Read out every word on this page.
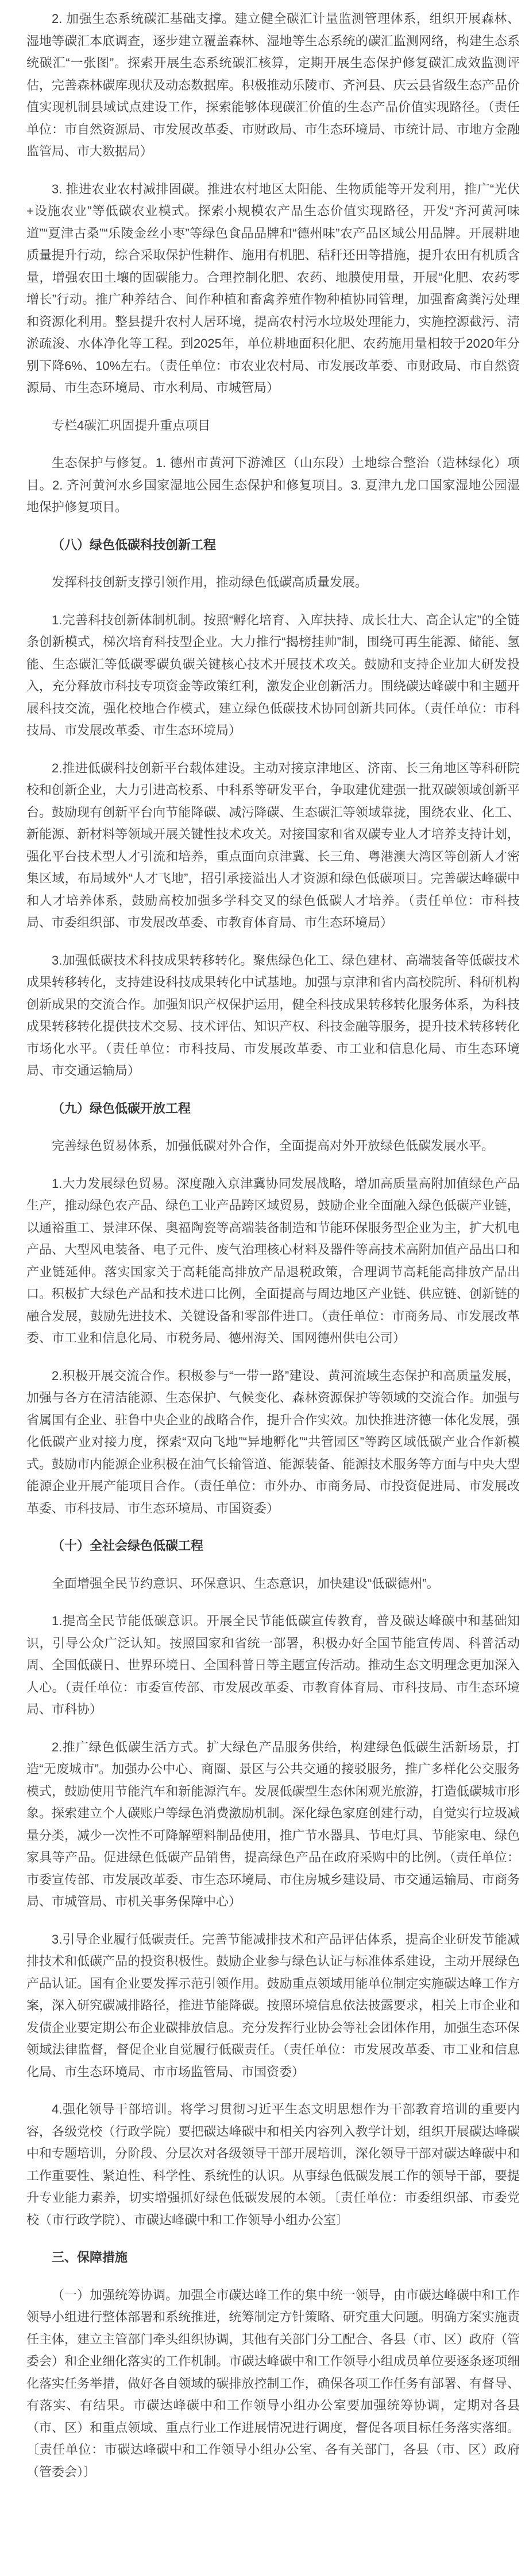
2. 加强生态系统碳汇基础支撑。建立健全碳汇计量监测管理体系，组织开展森林、湿地等碳汇本底调查，逐步建立覆盖森林、湿地等生态系统的碳汇监测网络，构建生态系统碳汇“一张图”。探索开展生态系统碳汇核算，定期开展生态保护修复碳汇成效监测评估，完善森林碳库现状及动态数据库。积极推动乐陵市、齐河县、庆云县省级生态产品价值实现机制县域试点建设工作，探索能够体现碳汇价值的生态产品价值实现路径。（责任单位：市自然资源局、市发展改革委、市财政局、市生态环境局、市统计局、市地方金融监管局、市大数据局）

3. 推进农业农村减排固碳。推进农村地区太阳能、生物质能等开发利用，推广“光伏+设施农业”等低碳农业模式。探索小规模农产品生态价值实现路径，开发“齐河黄河味道”“夏津古桑”“乐陵金丝小枣”等绿色食品品牌和“德州味”农产品区域公用品牌。开展耕地质量提升行动，综合采取保护性耕作、施用有机肥、秸秆还田等措施，提升农田有机质含量，增强农田土壤的固碳能力。合理控制化肥、农药、地膜使用量，开展“化肥、农药零增长”行动。推广种养结合、间作种植和畜禽养殖作物种植协同管理，加强畜禽粪污处理和资源化利用。整县提升农村人居环境，提高农村污水垃圾处理能力，实施控源截污、清淤疏浚、水体净化等工程。到2025年，单位耕地面积化肥、农药施用量相较于2020年分别下降6%、10%左右。（责任单位：市农业农村局、市发展改革委、市财政局、市自然资源局、市生态环境局、市水利局、市城管局）

专栏4碳汇巩固提升重点项目

生态保护与修复。1. 德州市黄河下游滩区（山东段）土地综合整治（造林绿化）项目。2. 齐河黄河水乡国家湿地公园生态保护和修复项目。3. 夏津九龙口国家湿地公园湿地保护修复项目。

（八）绿色低碳科技创新工程

发挥科技创新支撑引领作用，推动绿色低碳高质量发展。

1.完善科技创新体制机制。按照“孵化培育、入库扶持、成长壮大、高企认定”的全链条创新模式，梯次培育科技型企业。大力推行“揭榜挂帅”制，围绕可再生能源、储能、氢能、生态碳汇等低碳零碳负碳关键核心技术开展技术攻关。鼓励和支持企业加大研发投入，充分释放市科技专项资金等政策红利，激发企业创新活力。围绕碳达峰碳中和主题开展科技交流，强化校地合作模式，建立绿色低碳技术协同创新共同体。（责任单位：市科技局、市发展改革委、市生态环境局）

2.推进低碳科技创新平台载体建设。主动对接京津地区、济南、长三角地区等科研院校和创新企业，大力引进高校系、中科系等研发平台，争取建优建强一批双碳领域创新平台。鼓励现有创新平台向节能降碳、减污降碳、生态碳汇等领域靠拢，围绕农业、化工、新能源、新材料等领域开展关键性技术攻关。对接国家和省双碳专业人才培养支持计划，强化平台技术型人才引流和培养，重点面向京津冀、长三角、粤港澳大湾区等创新人才密集区域，布局域外“人才飞地”，招引承接溢出人才资源和绿色低碳项目。完善碳达峰碳中和人才培养体系，鼓励高校加强多学科交叉的绿色低碳人才培养。（责任单位：市科技局、市委组织部、市发展改革委、市教育体育局、市生态环境局）

3.加强低碳技术科技成果转移转化。聚焦绿色化工、绿色建材、高端装备等低碳技术成果转移转化，支持建设科技成果转化中试基地。加强与京津和省内高校院所、科研机构创新成果的交流合作。加强知识产权保护运用，健全科技成果转移转化服务体系，为科技成果转移转化提供技术交易、技术评估、知识产权、科技金融等服务，提升技术转移转化市场化水平。（责任单位：市科技局、市发展改革委、市工业和信息化局、市生态环境局、市交通运输局）

（九）绿色低碳开放工程

完善绿色贸易体系，加强低碳对外合作，全面提高对外开放绿色低碳发展水平。

1.大力发展绿色贸易。深度融入京津冀协同发展战略，增加高质量高附加值绿色产品生产，推动绿色农产品、绿色工业产品跨区域贸易，鼓励企业全面融入绿色低碳产业链，以通裕重工、景津环保、奥福陶瓷等高端装备制造和节能环保服务型企业为主，扩大机电产品、大型风电装备、电子元件、废气治理核心材料及器件等高技术高附加值产品出口和产业链延伸。落实国家关于高耗能高排放产品退税政策，合理调节高耗能高排放产品出口。积极扩大绿色产品和技术进口比例，全面提高与周边地区产业链、供应链、创新链的融合发展，鼓励先进技术、关键设备和零部件进口。（责任单位：市商务局、市发展改革委、市工业和信息化局、市税务局、德州海关、国网德州供电公司）

2.积极开展交流合作。积极参与“一带一路”建设、黄河流域生态保护和高质量发展，加强与各方在清洁能源、生态保护、气候变化、森林资源保护等领域的交流合作。加强与省属国有企业、驻鲁中央企业的战略合作，提升合作实效。加快推进济德一体化发展，强化低碳产业对接力度，探索“双向飞地”“异地孵化”“共管园区”等跨区域低碳产业合作新模式。鼓励市内能源企业积极在油气长输管道、能源装备、能源技术服务等方面与中央大型能源企业开展产能项目合作。（责任单位：市外办、市商务局、市投资促进局、市发展改革委、市科技局、市生态环境局、市国资委）

（十）全社会绿色低碳工程

全面增强全民节约意识、环保意识、生态意识，加快建设“低碳德州”。

1.提高全民节能低碳意识。开展全民节能低碳宣传教育，普及碳达峰碳中和基础知识，引导公众广泛认知。按照国家和省统一部署，积极办好全国节能宣传周、科普活动周、全国低碳日、世界环境日、全国科普日等主题宣传活动。推动生态文明理念更加深入人心。（责任单位：市委宣传部、市发展改革委、市教育体育局、市科技局、市生态环境局、市科协）

2.推广绿色低碳生活方式。扩大绿色产品服务供给，构建绿色低碳生活新场景，打造“无废城市”。加强办公中心、商圈、景区与公共交通的接驳服务，推广多样化公交服务模式，鼓励使用节能汽车和新能源汽车。发展低碳型生态休闲观光旅游，打造低碳城市形象。探索建立个人碳账户等绿色消费激励机制。深化绿色家庭创建行动，自觉实行垃圾减量分类，减少一次性不可降解塑料制品使用，推广节水器具、节电灯具、节能家电、绿色家具等产品。促进绿色低碳产品销售，提高绿色产品在政府采购中的比例。（责任单位：市委宣传部、市发展改革委、市生态环境局、市住房城乡建设局、市交通运输局、市商务局、市城管局、市机关事务保障中心）

3.引导企业履行低碳责任。完善节能减排技术和产品评估体系，提高企业研发节能减排技术和低碳产品的投资积极性。鼓励企业参与绿色认证与标准体系建设，主动开展绿色产品认证。国有企业要发挥示范引领作用。鼓励重点领域用能单位制定实施碳达峰工作方案，深入研究碳减排路径，推进节能降碳。按照环境信息依法披露要求，相关上市企业和发债企业要定期公布企业碳排放信息。充分发挥行业协会等社会团体作用，加强生态环保领域法律监督，督促企业自觉履行低碳责任。（责任单位：市发展改革委、市工业和信息化局、市生态环境局、市市场监管局、市国资委）

4.强化领导干部培训。将学习贯彻习近平生态文明思想作为干部教育培训的重要内容，各级党校（行政学院）要把碳达峰碳中和相关内容列入教学计划，组织开展碳达峰碳中和专题培训，分阶段、分层次对各级领导干部开展培训，深化领导干部对碳达峰碳中和工作重要性、紧迫性、科学性、系统性的认识。从事绿色低碳发展工作的领导干部，要提升专业能力素养，切实增强抓好绿色低碳发展的本领。〔责任单位：市委组织部、市委党校（市行政学院）、市碳达峰碳中和工作领导小组办公室〕

三、保障措施

（一）加强统筹协调。加强全市碳达峰工作的集中统一领导，由市碳达峰碳中和工作领导小组进行整体部署和系统推进，统筹制定方针策略、研究重大问题。明确方案实施责任主体，建立主管部门牵头组织协调，其他有关部门分工配合、各县（市、区）政府（管委会）和企业细化落实的工作机制。市碳达峰碳中和工作领导小组成员单位要逐条逐项细化落实任务举措，做好各自领域的碳排放控制工作，确保各项工作任务有部署、有督导、有落实、有结果。市碳达峰碳中和工作领导小组办公室要加强统筹协调，定期对各县（市、区）和重点领域、重点行业工作进展情况进行调度，督促各项目标任务落实落细。〔责任单位：市碳达峰碳中和工作领导小组办公室、各有关部门，各县（市、区）政府（管委会）〕
